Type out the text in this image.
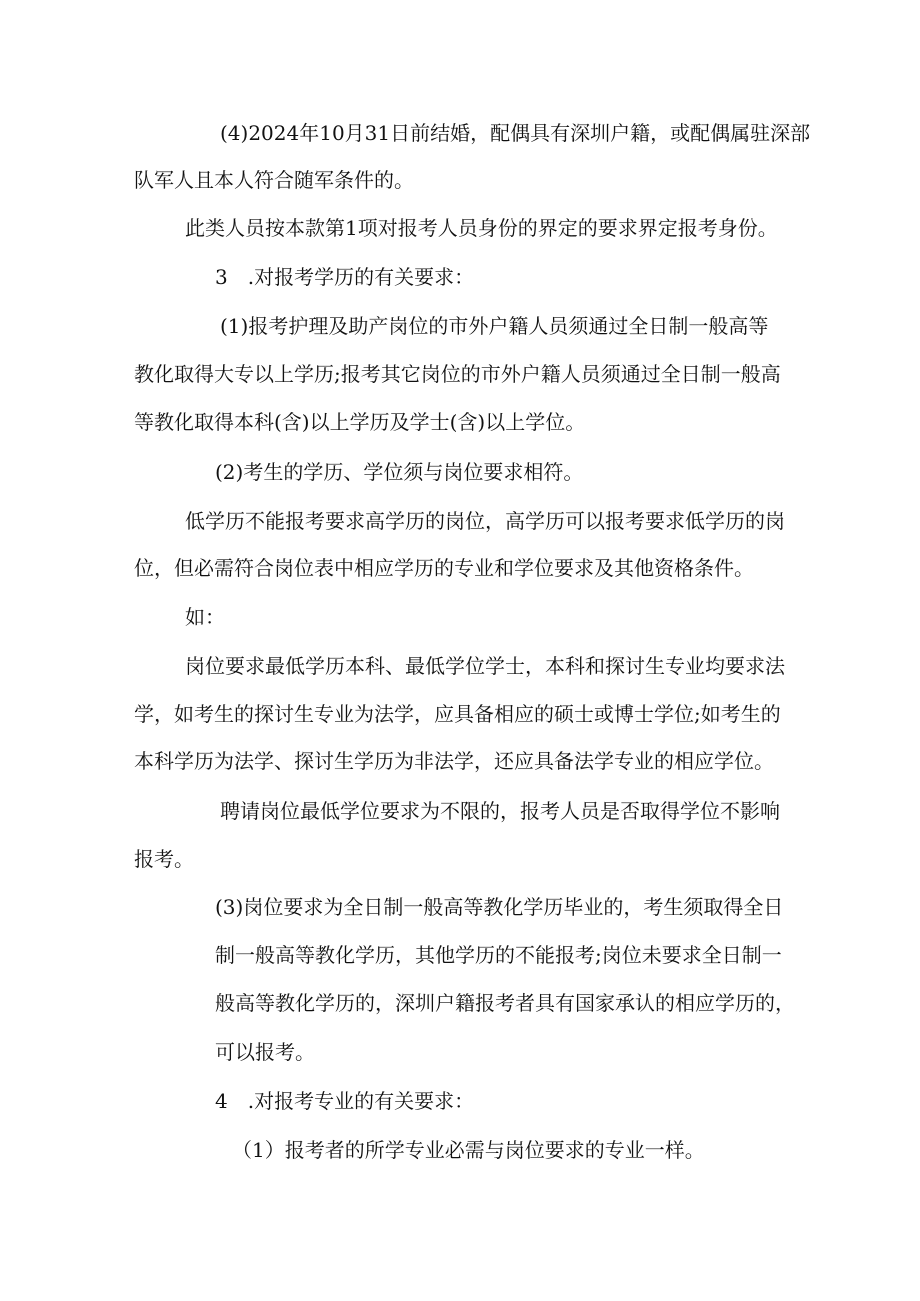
(4)2024年10月31日前结婚，配偶具有深圳户籍，或配偶属驻深部

队军人且本人符合随军条件的。

此类人员按本款第1项对报考人员身份的界定的要求界定报考身份。

3　.对报考学历的有关要求：

(1)报考护理及助产岗位的市外户籍人员须通过全日制一般高等

教化取得大专以上学历;报考其它岗位的市外户籍人员须通过全日制一般高

等教化取得本科(含)以上学历及学士(含)以上学位。

(2)考生的学历、学位须与岗位要求相符。

低学历不能报考要求高学历的岗位，高学历可以报考要求低学历的岗

位，但必需符合岗位表中相应学历的专业和学位要求及其他资格条件。

如：

岗位要求最低学历本科、最低学位学士，本科和探讨生专业均要求法

学，如考生的探讨生专业为法学，应具备相应的硕士或博士学位;如考生的

本科学历为法学、探讨生学历为非法学，还应具备法学专业的相应学位。

聘请岗位最低学位要求为不限的，报考人员是否取得学位不影响

报考。

(3)岗位要求为全日制一般高等教化学历毕业的，考生须取得全日

制一般高等教化学历，其他学历的不能报考;岗位未要求全日制一

般高等教化学历的，深圳户籍报考者具有国家承认的相应学历的，

可以报考。

4　.对报考专业的有关要求：

（1）报考者的所学专业必需与岗位要求的专业一样。
